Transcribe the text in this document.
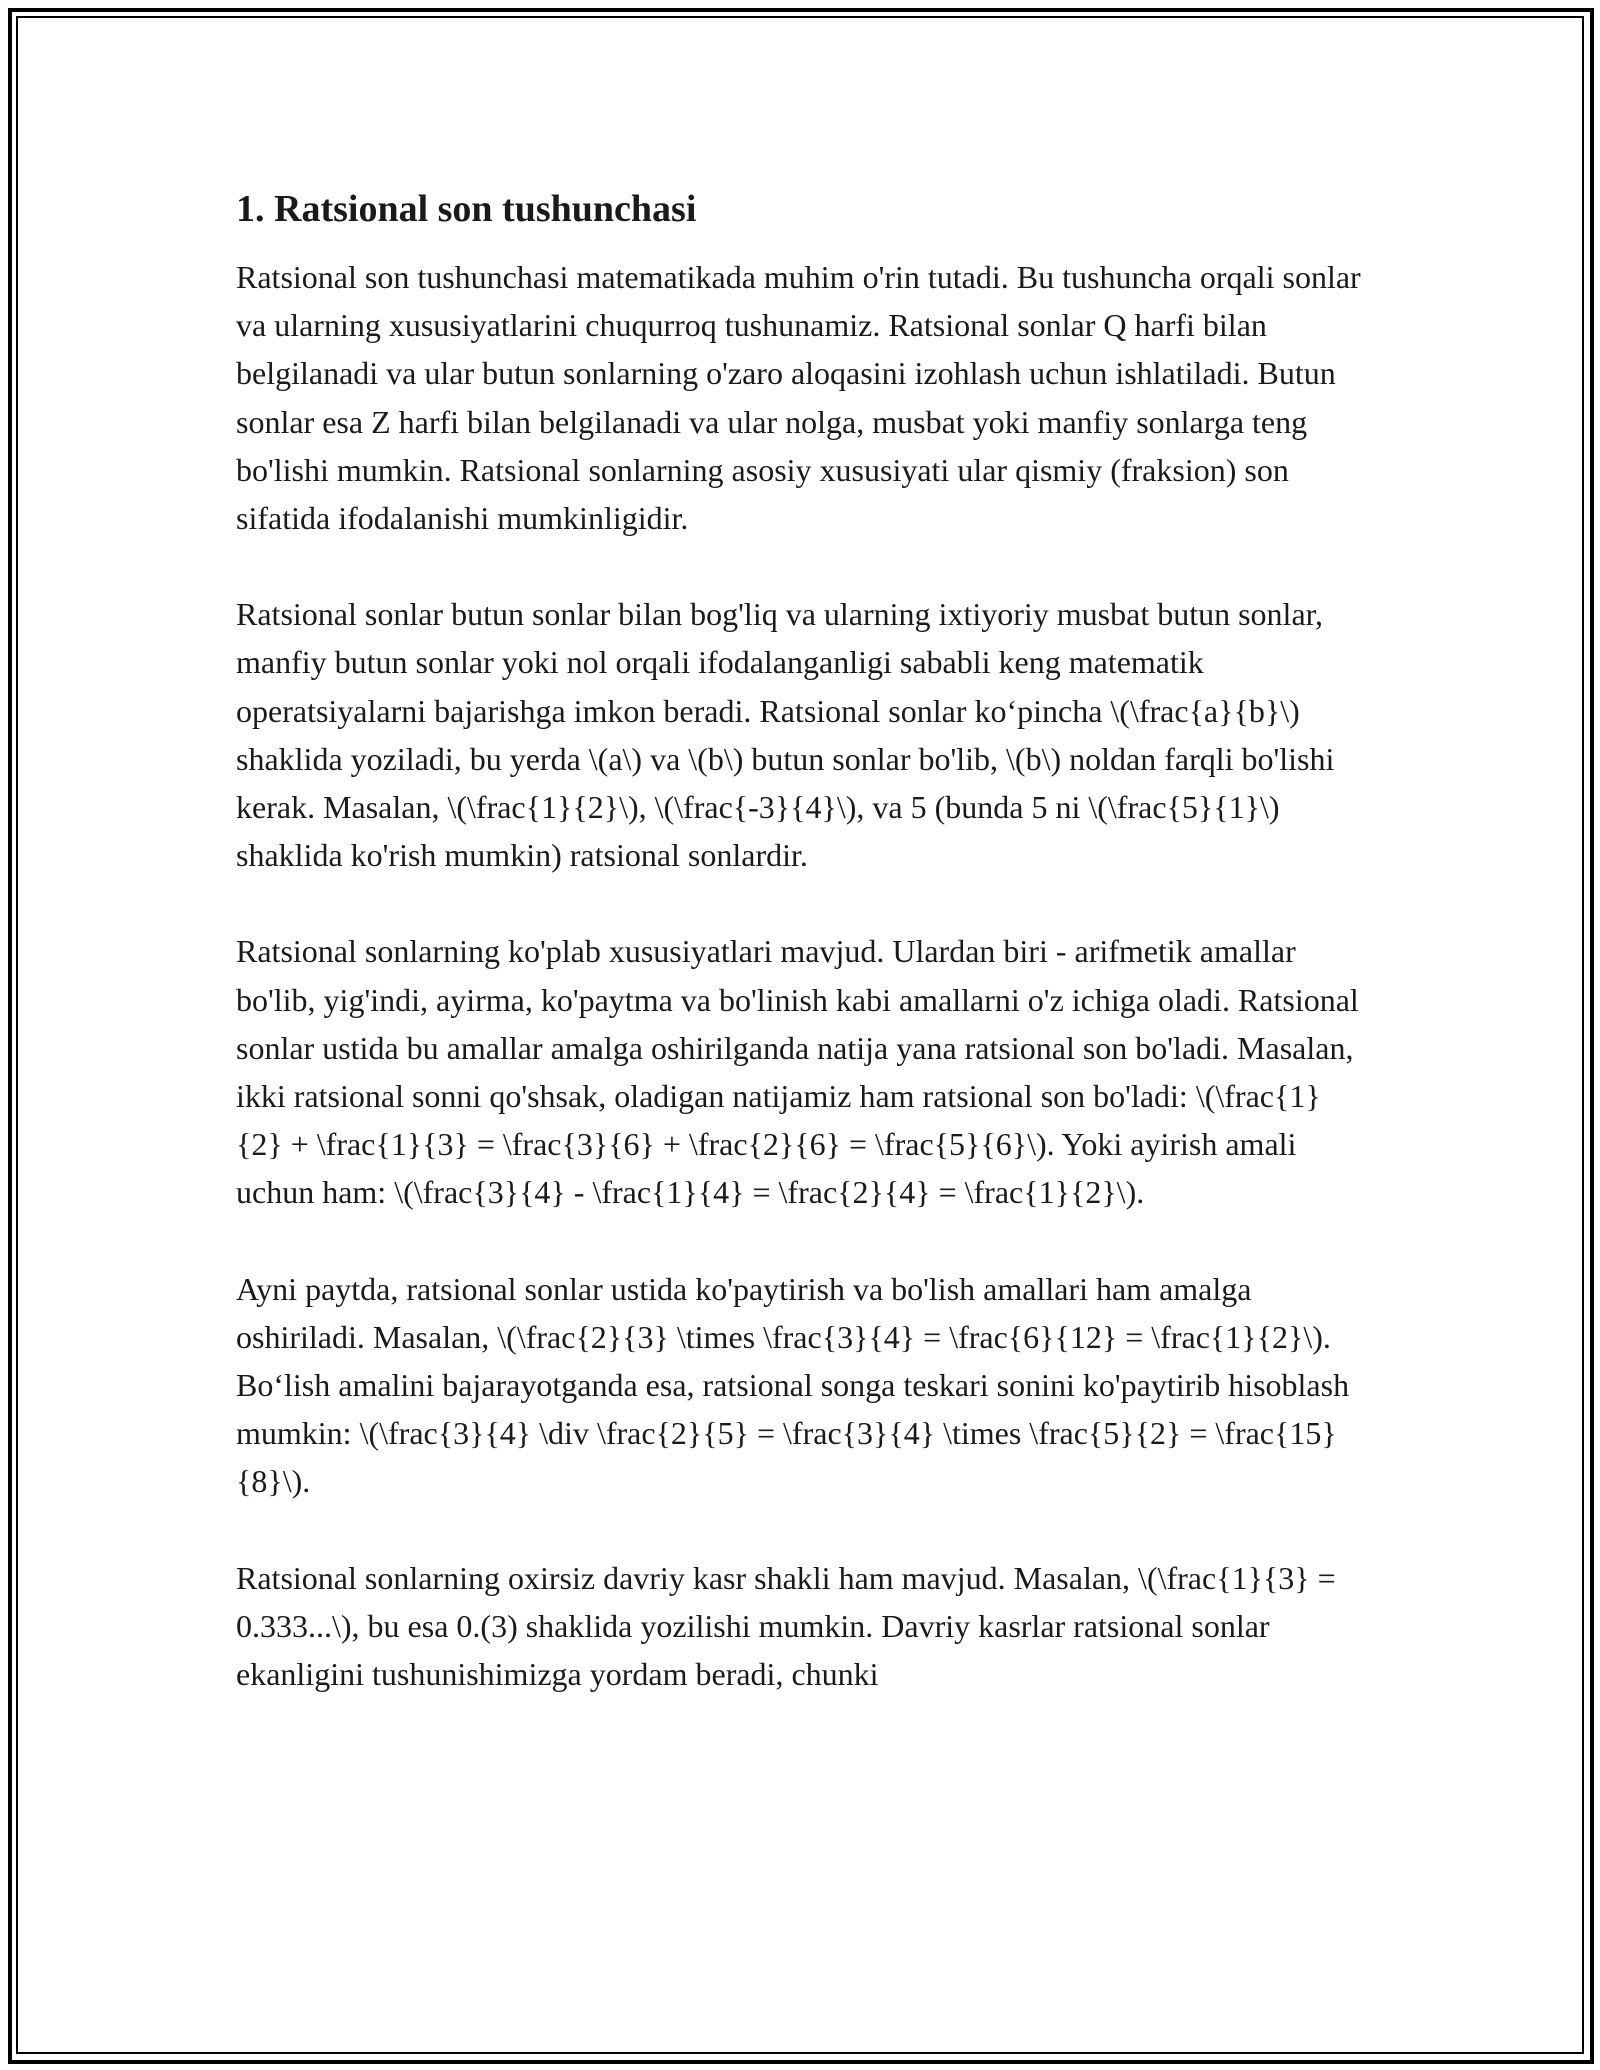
1. Ratsional son tushunchasi

Ratsional son tushunchasi matematikada muhim o'rin tutadi. Bu tushuncha orqali sonlar va ularning xususiyatlarini chuqurroq tushunamiz. Ratsional sonlar Q harfi bilan belgilanadi va ular butun sonlarning o'zaro aloqasini izohlash uchun ishlatiladi. Butun sonlar esa Z harfi bilan belgilanadi va ular nolga, musbat yoki manfiy sonlarga teng bo'lishi mumkin. Ratsional sonlarning asosiy xususiyati ular qismiy (fraksion) son sifatida ifodalanishi mumkinligidir.

Ratsional sonlar butun sonlar bilan bog'liq va ularning ixtiyoriy musbat butun sonlar, manfiy butun sonlar yoki nol orqali ifodalanganligi sababli keng matematik operatsiyalarni bajarishga imkon beradi. Ratsional sonlar ko‘pincha \(\frac{a}{b}\) shaklida yoziladi, bu yerda \(a\) va \(b\) butun sonlar bo'lib, \(b\) noldan farqli bo'lishi kerak. Masalan, \(\frac{1}{2}\), \(\frac{-3}{4}\), va 5 (bunda 5 ni \(\frac{5}{1}\) shaklida ko'rish mumkin) ratsional sonlardir.

Ratsional sonlarning ko'plab xususiyatlari mavjud. Ulardan biri - arifmetik amallar bo'lib, yig'indi, ayirma, ko'paytma va bo'linish kabi amallarni o'z ichiga oladi. Ratsional sonlar ustida bu amallar amalga oshirilganda natija yana ratsional son bo'ladi. Masalan, ikki ratsional sonni qo'shsak, oladigan natijamiz ham ratsional son bo'ladi: \(\frac{1}{2} + \frac{1}{3} = \frac{3}{6} + \frac{2}{6} = \frac{5}{6}\). Yoki ayirish amali uchun ham: \(\frac{3}{4} - \frac{1}{4} = \frac{2}{4} = \frac{1}{2}\).

Ayni paytda, ratsional sonlar ustida ko'paytirish va bo'lish amallari ham amalga oshiriladi. Masalan, \(\frac{2}{3} \times \frac{3}{4} = \frac{6}{12} = \frac{1}{2}\). Bo‘lish amalini bajarayotganda esa, ratsional songa teskari sonini ko'paytirib hisoblash mumkin: \(\frac{3}{4} \div \frac{2}{5} = \frac{3}{4} \times \frac{5}{2} = \frac{15}{8}\).

Ratsional sonlarning oxirsiz davriy kasr shakli ham mavjud. Masalan, \(\frac{1}{3} = 0.333...\), bu esa 0.(3) shaklida yozilishi mumkin. Davriy kasrlar ratsional sonlar ekanligini tushunishimizga yordam beradi, chunki
